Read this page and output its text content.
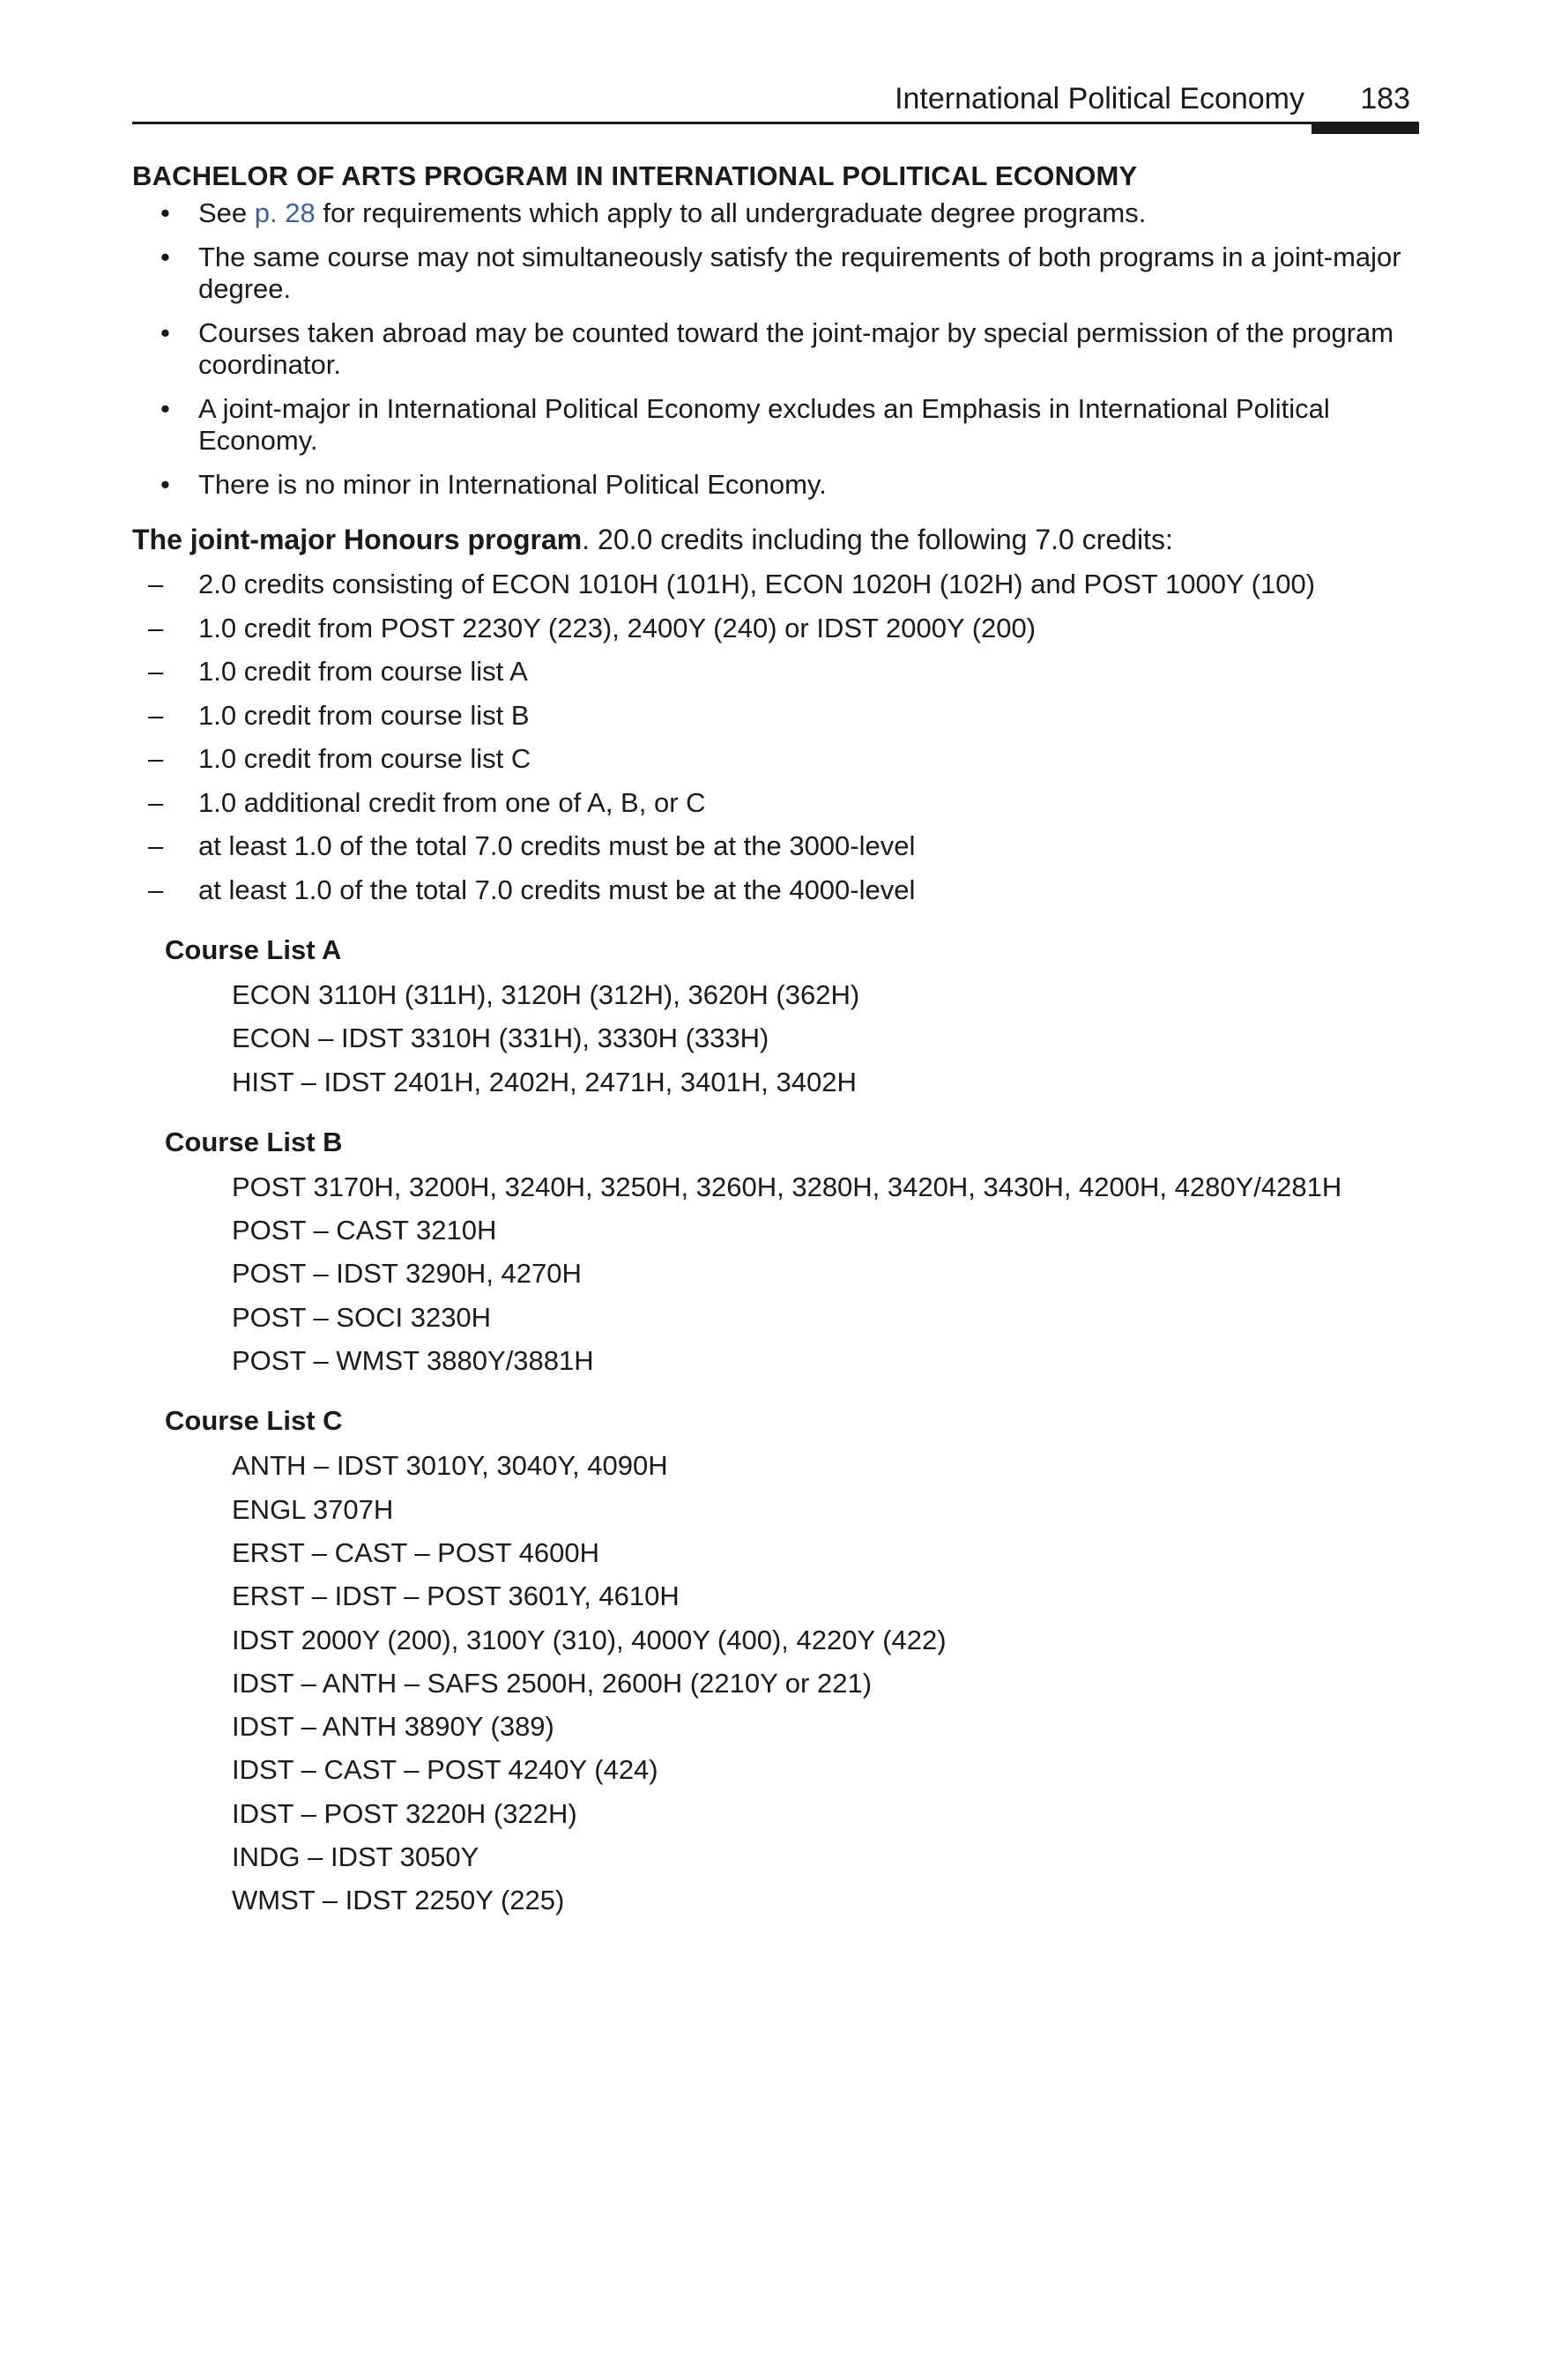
International Political Economy 183
BACHELOR OF ARTS PROGRAM IN INTERNATIONAL POLITICAL ECONOMY
• See p. 28 for requirements which apply to all undergraduate degree programs.
• The same course may not simultaneously satisfy the requirements of both programs in a joint-major degree.
• Courses taken abroad may be counted toward the joint-major by special permission of the program coordinator.
• A joint-major in International Political Economy excludes an Emphasis in International Political Economy.
• There is no minor in International Political Economy.
The joint-major Honours program. 20.0 credits including the following 7.0 credits:
– 2.0 credits consisting of ECON 1010H (101H), ECON 1020H (102H) and POST 1000Y (100)
– 1.0 credit from POST 2230Y (223), 2400Y (240) or IDST 2000Y (200)
– 1.0 credit from course list A
– 1.0 credit from course list B
– 1.0 credit from course list C
– 1.0 additional credit from one of A, B, or C
– at least 1.0 of the total 7.0 credits must be at the 3000-level
– at least 1.0 of the total 7.0 credits must be at the 4000-level
Course List A
ECON 3110H (311H), 3120H (312H), 3620H (362H)
ECON – IDST 3310H (331H), 3330H (333H)
HIST – IDST 2401H, 2402H, 2471H, 3401H, 3402H
Course List B
POST 3170H, 3200H, 3240H, 3250H, 3260H, 3280H, 3420H, 3430H, 4200H, 4280Y/4281H
POST – CAST 3210H
POST – IDST 3290H, 4270H
POST – SOCI 3230H
POST – WMST 3880Y/3881H
Course List C
ANTH – IDST 3010Y, 3040Y, 4090H
ENGL 3707H
ERST – CAST – POST 4600H
ERST – IDST – POST 3601Y, 4610H
IDST 2000Y (200), 3100Y (310), 4000Y (400), 4220Y (422)
IDST – ANTH – SAFS 2500H, 2600H (2210Y or 221)
IDST – ANTH 3890Y (389)
IDST – CAST – POST 4240Y (424)
IDST – POST 3220H (322H)
INDG – IDST 3050Y
WMST – IDST 2250Y (225)
